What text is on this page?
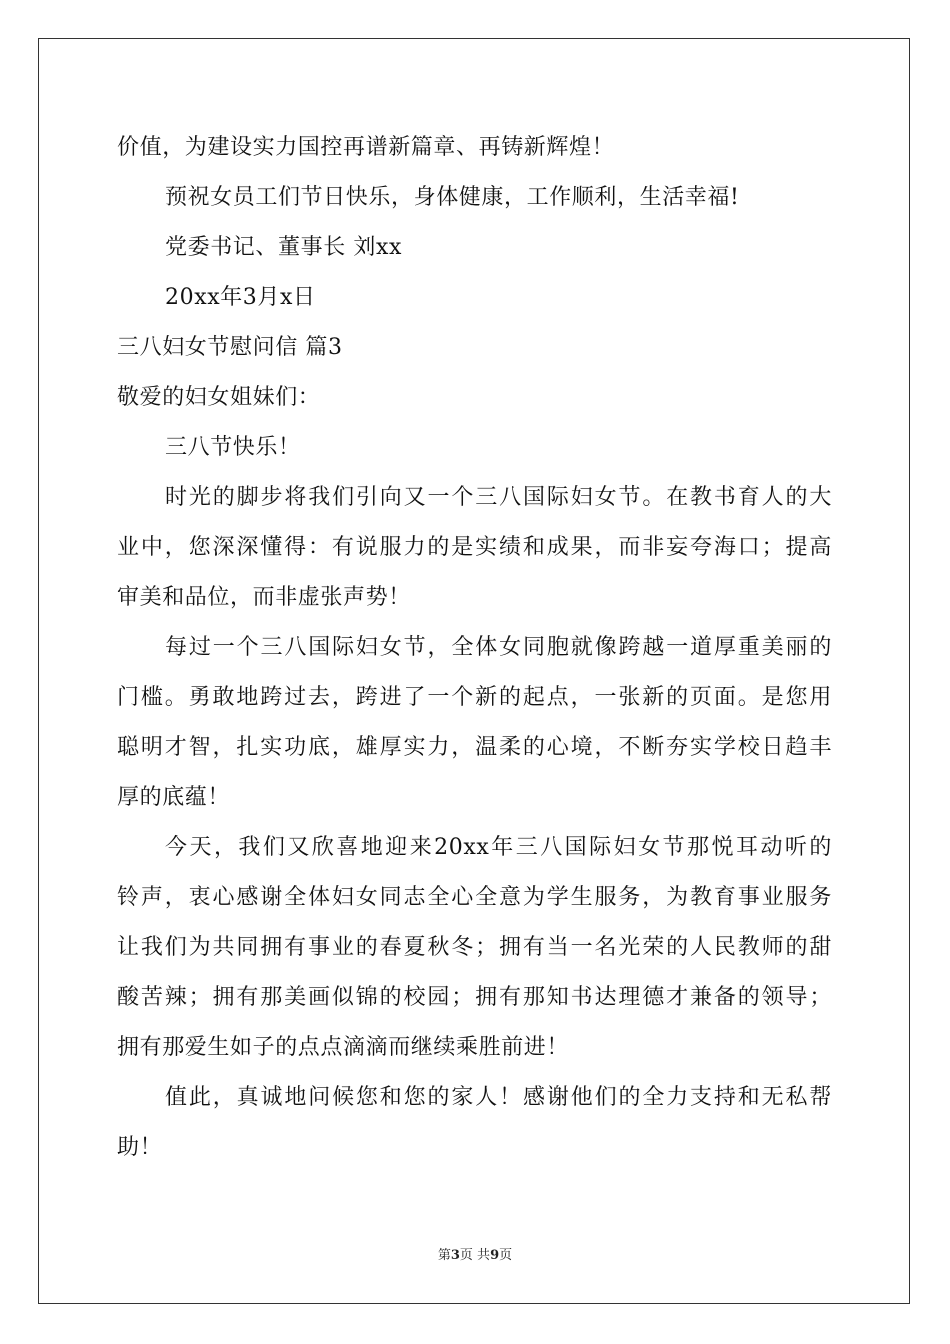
价值，为建设实力国控再谱新篇章、再铸新辉煌！
预祝女员工们节日快乐，身体健康，工作顺利，生活幸福!
党委书记、董事长 刘xx
20xx年3月x日
三八妇女节慰问信 篇3
敬爱的妇女姐妹们：
三八节快乐！
时光的脚步将我们引向又一个三八国际妇女节。在教书育人的大
业中，您深深懂得：有说服力的是实绩和成果，而非妄夸海口；提高
审美和品位，而非虚张声势！
每过一个三八国际妇女节，全体女同胞就像跨越一道厚重美丽的
门槛。勇敢地跨过去，跨进了一个新的起点，一张新的页面。是您用
聪明才智，扎实功底，雄厚实力，温柔的心境，不断夯实学校日趋丰
厚的底蕴！
今天，我们又欣喜地迎来20xx年三八国际妇女节那悦耳动听的
铃声，衷心感谢全体妇女同志全心全意为学生服务，为教育事业服务
让我们为共同拥有事业的春夏秋冬；拥有当一名光荣的人民教师的甜
酸苦辣；拥有那美画似锦的校园；拥有那知书达理德才兼备的领导；
拥有那爱生如子的点点滴滴而继续乘胜前进！
值此，真诚地问候您和您的家人！感谢他们的全力支持和无私帮
助！
第3页 共9页
